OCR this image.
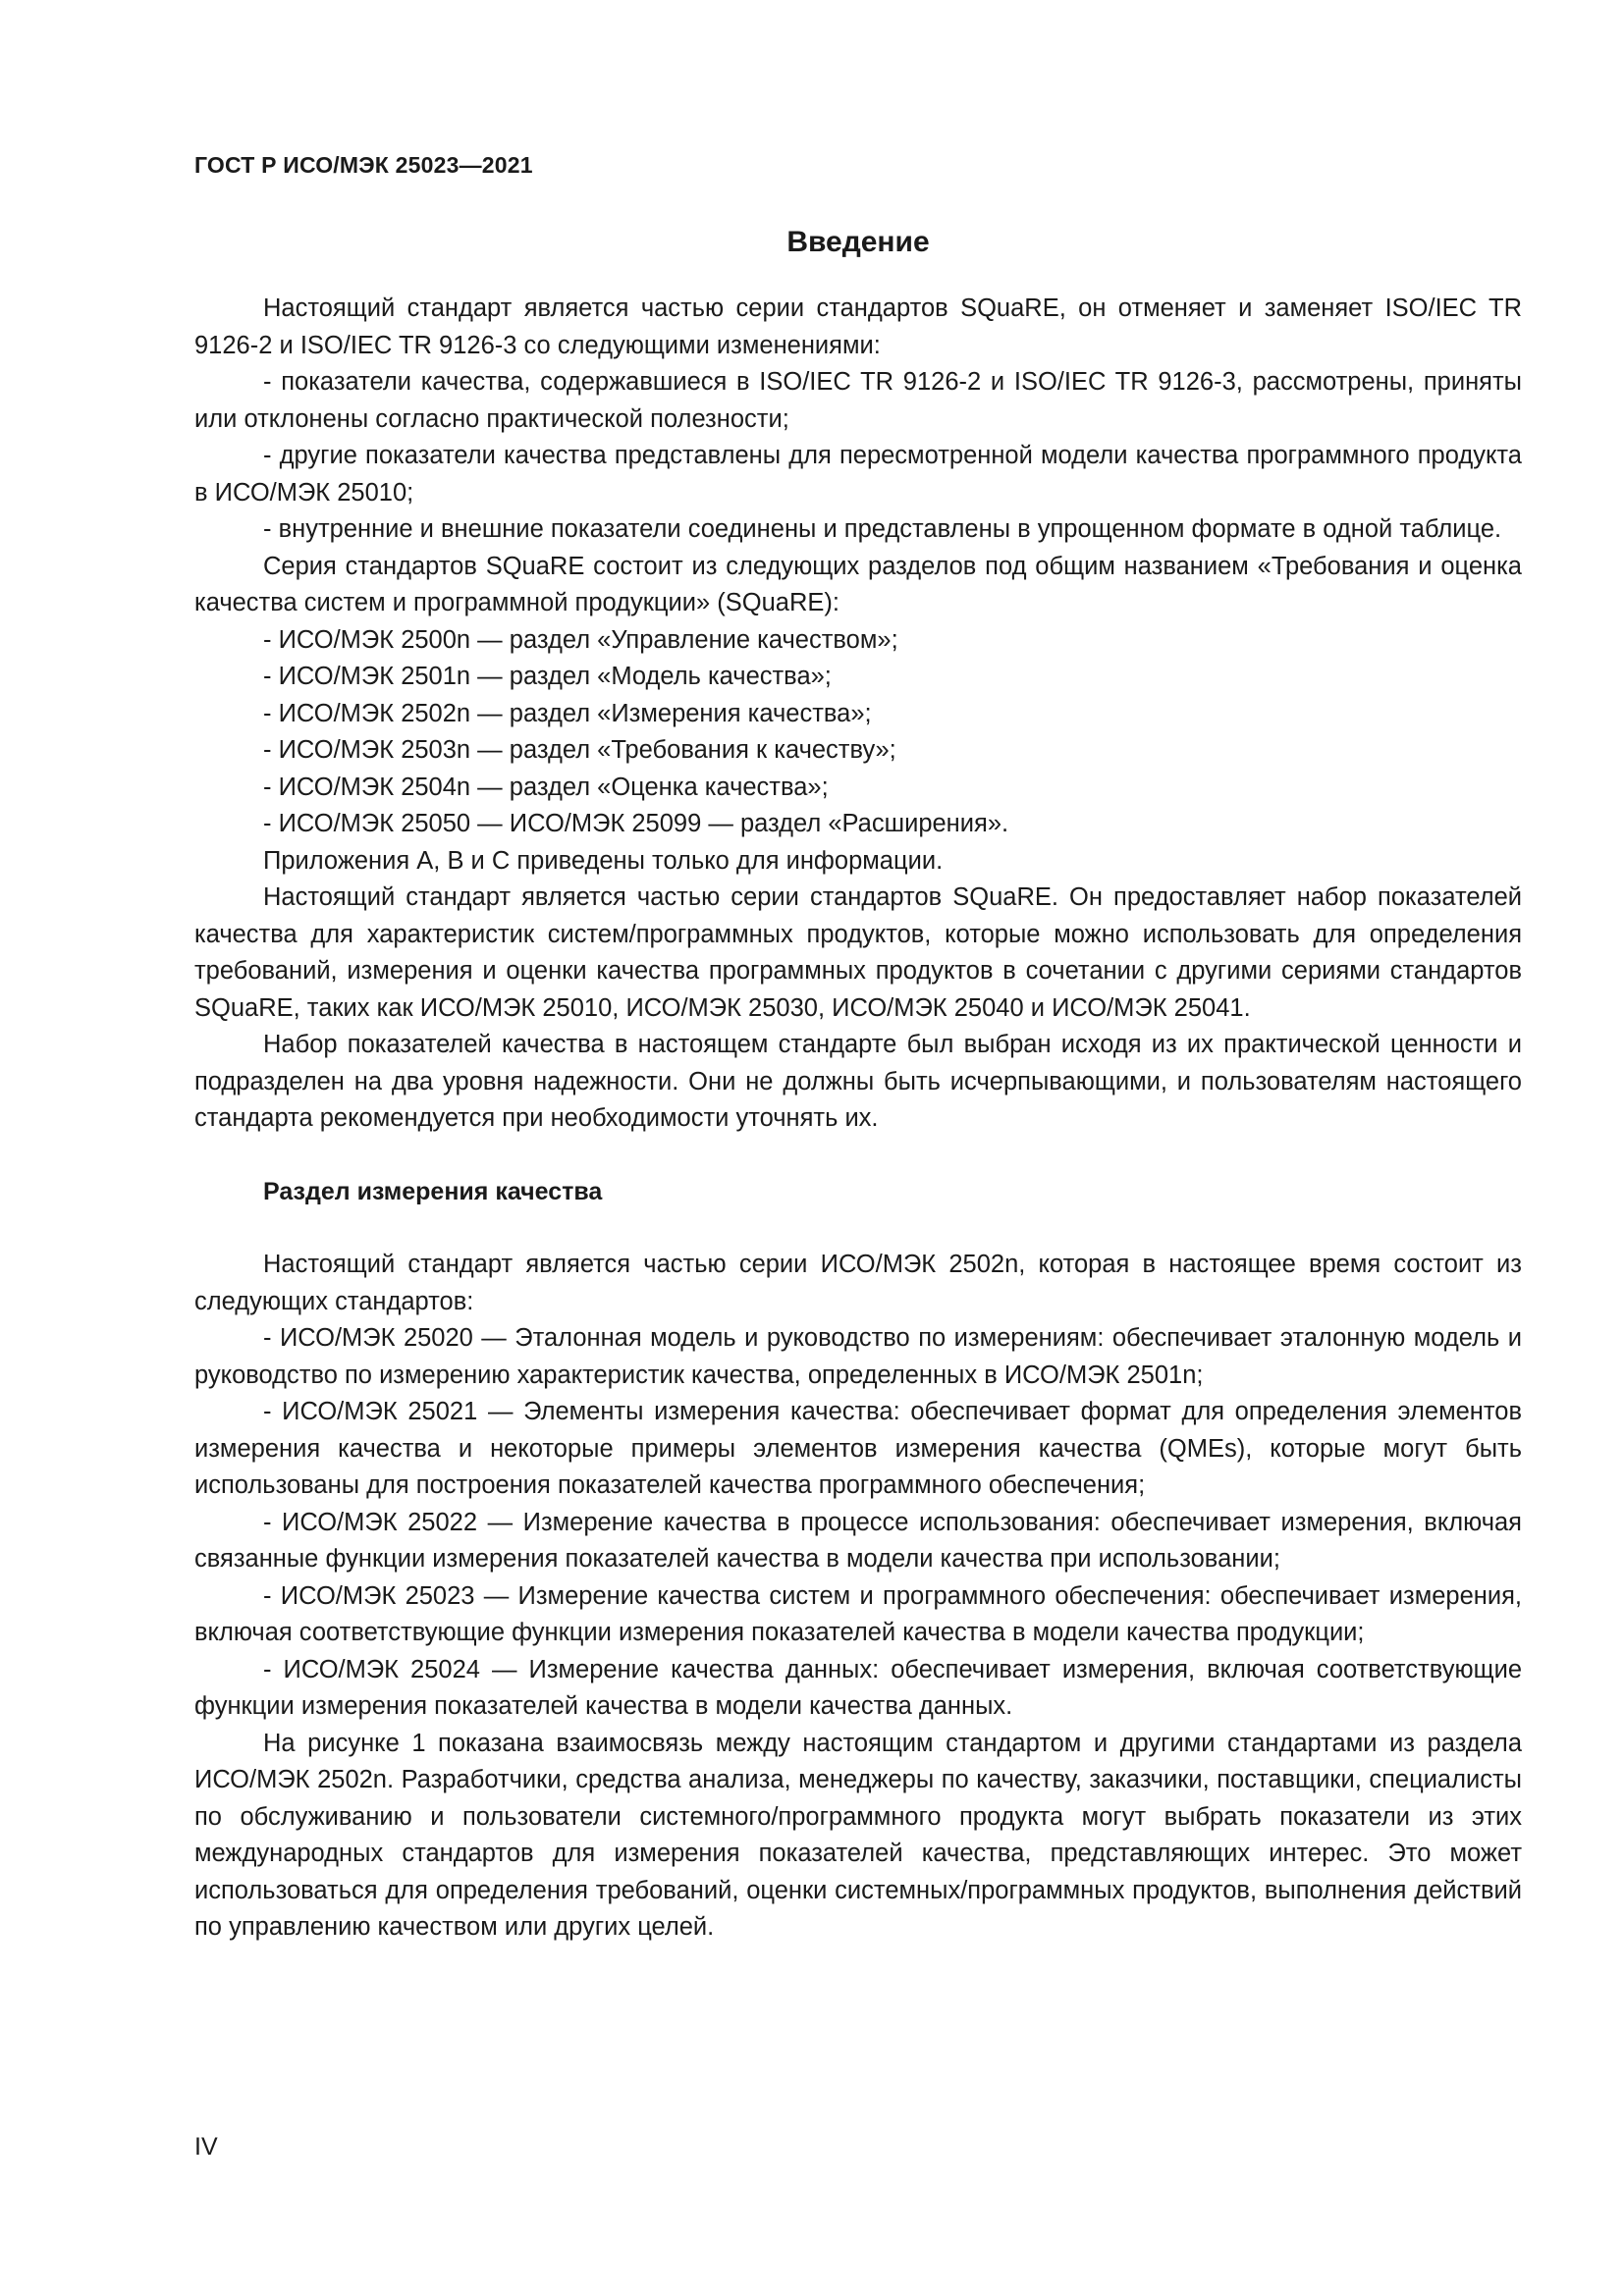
ГОСТ Р ИСО/МЭК 25023—2021
Введение

Настоящий стандарт является частью серии стандартов SQuaRE, он отменяет и заменяет ISO/IEC TR 9126-2 и ISO/IEC TR 9126-3 со следующими изменениями:

- показатели качества, содержавшиеся в ISO/IEC TR 9126-2 и ISO/IEC TR 9126-3, рассмотрены, приняты или отклонены согласно практической полезности;

- другие показатели качества представлены для пересмотренной модели качества программного продукта в ИСО/МЭК 25010;

- внутренние и внешние показатели соединены и представлены в упрощенном формате в одной таблице.

Серия стандартов SQuaRE состоит из следующих разделов под общим названием «Требования и оценка качества систем и программной продукции» (SQuaRE):

- ИСО/МЭК 2500n — раздел «Управление качеством»;

- ИСО/МЭК 2501n — раздел «Модель качества»;

- ИСО/МЭК 2502n — раздел «Измерения качества»;

- ИСО/МЭК 2503n — раздел «Требования к качеству»;

- ИСО/МЭК 2504n — раздел «Оценка качества»;

- ИСО/МЭК 25050 — ИСО/МЭК 25099 — раздел «Расширения».

Приложения А, В и С приведены только для информации.

Настоящий стандарт является частью серии стандартов SQuaRE. Он предоставляет набор показателей качества для характеристик систем/программных продуктов, которые можно использовать для определения требований, измерения и оценки качества программных продуктов в сочетании с другими сериями стандартов SQuaRE, таких как ИСО/МЭК 25010, ИСО/МЭК 25030, ИСО/МЭК 25040 и ИСО/МЭК 25041.

Набор показателей качества в настоящем стандарте был выбран исходя из их практической ценности и подразделен на два уровня надежности. Они не должны быть исчерпывающими, и пользователям настоящего стандарта рекомендуется при необходимости уточнять их.

Раздел измерения качества

Настоящий стандарт является частью серии ИСО/МЭК 2502n, которая в настоящее время состоит из следующих стандартов:

- ИСО/МЭК 25020 — Эталонная модель и руководство по измерениям: обеспечивает эталонную модель и руководство по измерению характеристик качества, определенных в ИСО/МЭК 2501n;

- ИСО/МЭК 25021 — Элементы измерения качества: обеспечивает формат для определения элементов измерения качества и некоторые примеры элементов измерения качества (QMEs), которые могут быть использованы для построения показателей качества программного обеспечения;

- ИСО/МЭК 25022 — Измерение качества в процессе использования: обеспечивает измерения, включая связанные функции измерения показателей качества в модели качества при использовании;

- ИСО/МЭК 25023 — Измерение качества систем и программного обеспечения: обеспечивает измерения, включая соответствующие функции измерения показателей качества в модели качества продукции;

- ИСО/МЭК 25024 — Измерение качества данных: обеспечивает измерения, включая соответствующие функции измерения показателей качества в модели качества данных.

На рисунке 1 показана взаимосвязь между настоящим стандартом и другими стандартами из раздела ИСО/МЭК 2502n. Разработчики, средства анализа, менеджеры по качеству, заказчики, поставщики, специалисты по обслуживанию и пользователи системного/программного продукта могут выбрать показатели из этих международных стандартов для измерения показателей качества, представляющих интерес. Это может использоваться для определения требований, оценки системных/программных продуктов, выполнения действий по управлению качеством или других целей.

IV
